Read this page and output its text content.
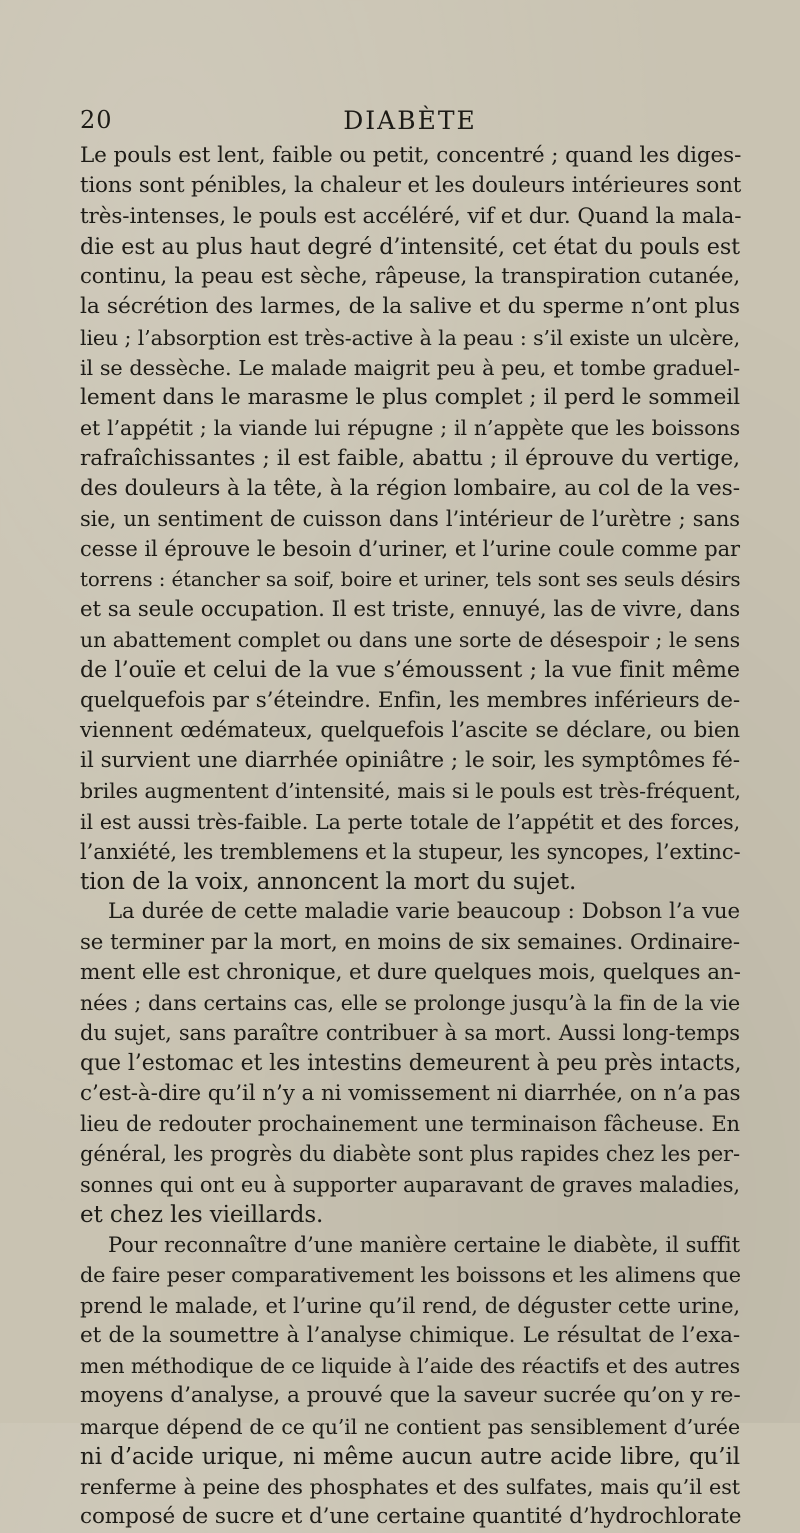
20	DIABÈTE
Le pouls est lent, faible ou petit, concentré ; quand les diges-
tions sont pénibles, la chaleur et les douleurs intérieures sont
très-intenses, le pouls est accéléré, vif et dur. Quand la mala-
die est au plus haut degré d’intensité, cet état du pouls est
continu, la peau est sèche, râpeuse, la transpiration cutanée,
la sécrétion des larmes, de la salive et du sperme n’ont plus
lieu ; l’absorption est très-active à la peau : s’il existe un ulcère,
il se dessèche. Le malade maigrit peu à peu, et tombe graduel-
lement dans le marasme le plus complet ; il perd le sommeil
et l’appétit ; la viande lui répugne ; il n’appète que les boissons
rafraîchissantes ; il est faible, abattu ; il éprouve du vertige,
des douleurs à la tête, à la région lombaire, au col de la ves-
sie, un sentiment de cuisson dans l’intérieur de l’urètre ; sans
cesse il éprouve le besoin d’uriner, et l’urine coule comme par
torrens : étancher sa soif, boire et uriner, tels sont ses seuls désirs
et sa seule occupation. Il est triste, ennuyé, las de vivre, dans
un abattement complet ou dans une sorte de désespoir ; le sens
de l’ouïe et celui de la vue s’émoussent ; la vue finit même
quelquefois par s’éteindre. Enfin, les membres inférieurs de-
viennent œdémateux, quelquefois l’ascite se déclare, ou bien
il survient une diarrhée opiniâtre ; le soir, les symptômes fé-
briles augmentent d’intensité, mais si le pouls est très-fréquent,
il est aussi très-faible. La perte totale de l’appétit et des forces,
l’anxiété, les tremblemens et la stupeur, les syncopes, l’extinc-
tion de la voix, annoncent la mort du sujet.
La durée de cette maladie varie beaucoup : Dobson l’a vue
se terminer par la mort, en moins de six semaines. Ordinaire-
ment elle est chronique, et dure quelques mois, quelques an-
nées ; dans certains cas, elle se prolonge jusqu’à la fin de la vie
du sujet, sans paraître contribuer à sa mort. Aussi long-temps
que l’estomac et les intestins demeurent à peu près intacts,
c’est-à-dire qu’il n’y a ni vomissement ni diarrhée, on n’a pas
lieu de redouter prochainement une terminaison fâcheuse. En
général, les progrès du diabète sont plus rapides chez les per-
sonnes qui ont eu à supporter auparavant de graves maladies,
et chez les vieillards.
Pour reconnaître d’une manière certaine le diabète, il suffit
de faire peser comparativement les boissons et les alimens que
prend le malade, et l’urine qu’il rend, de déguster cette urine,
et de la soumettre à l’analyse chimique. Le résultat de l’exa-
men méthodique de ce liquide à l’aide des réactifs et des autres
moyens d’analyse, a prouvé que la saveur sucrée qu’on y re-
marque dépend de ce qu’il ne contient pas sensiblement d’urée
ni d’acide urique, ni même aucun autre acide libre, qu’il
renferme à peine des phosphates et des sulfates, mais qu’il est
composé de sucre et d’une certaine quantité d’hydrochlorate
